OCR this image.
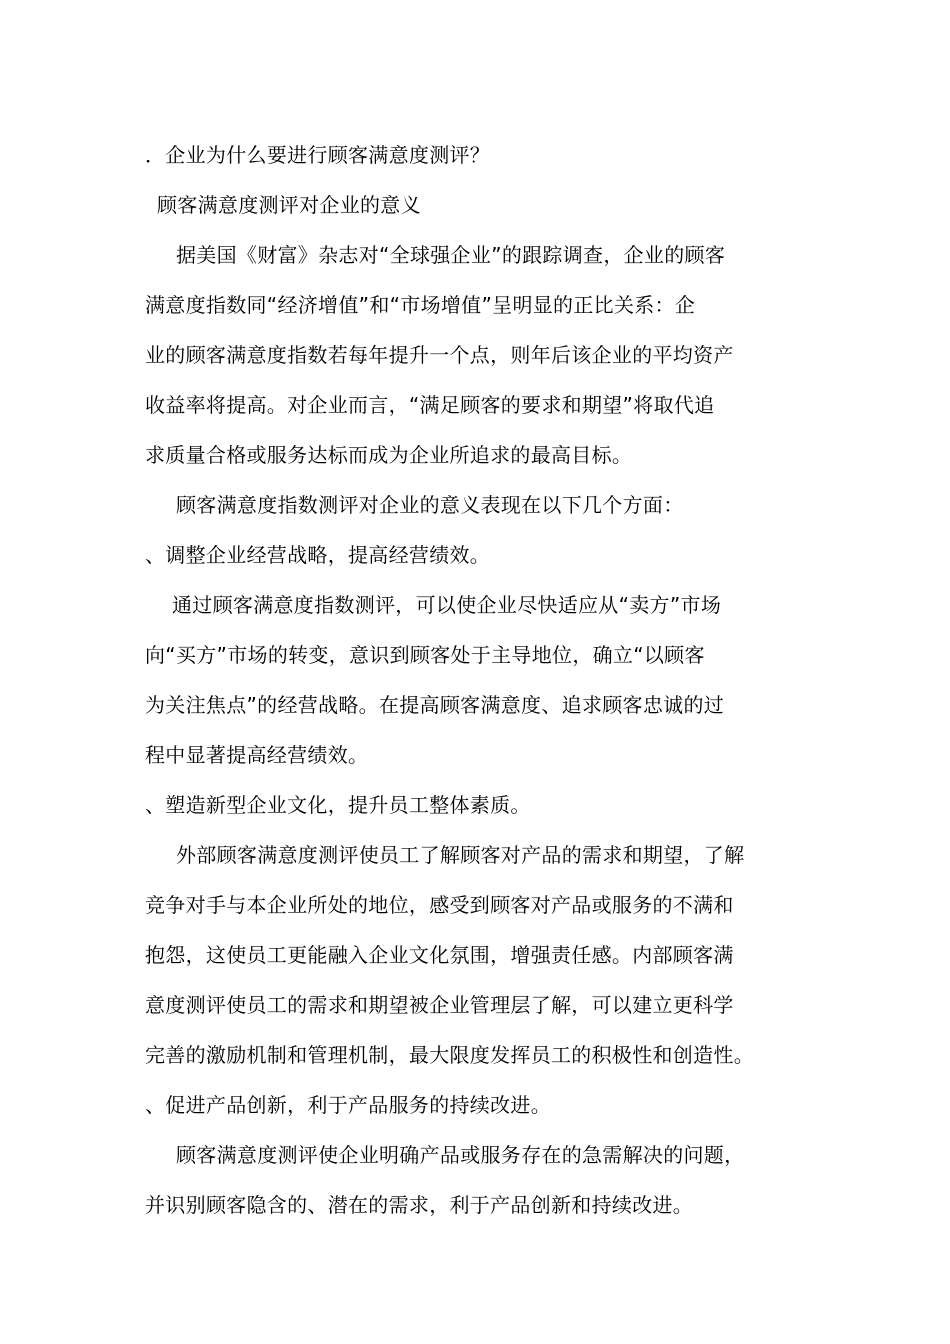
．企业为什么要进行顾客满意度测评？
顾客满意度测评对企业的意义
据美国《财富》杂志对“全球强企业”的跟踪调查，企业的顾客
满意度指数同“经济增值”和“市场增值”呈明显的正比关系：企
业的顾客满意度指数若每年提升一个点，则年后该企业的平均资产
收益率将提高。对企业而言，“满足顾客的要求和期望”将取代追
求质量合格或服务达标而成为企业所追求的最高目标。
顾客满意度指数测评对企业的意义表现在以下几个方面：
、调整企业经营战略，提高经营绩效。
通过顾客满意度指数测评，可以使企业尽快适应从“卖方”市场
向“买方”市场的转变，意识到顾客处于主导地位，确立“以顾客
为关注焦点”的经营战略。在提高顾客满意度、追求顾客忠诚的过
程中显著提高经营绩效。
、塑造新型企业文化，提升员工整体素质。
外部顾客满意度测评使员工了解顾客对产品的需求和期望，了解
竞争对手与本企业所处的地位，感受到顾客对产品或服务的不满和
抱怨，这使员工更能融入企业文化氛围，增强责任感。内部顾客满
意度测评使员工的需求和期望被企业管理层了解，可以建立更科学
完善的激励机制和管理机制，最大限度发挥员工的积极性和创造性。
、促进产品创新，利于产品服务的持续改进。
顾客满意度测评使企业明确产品或服务存在的急需解决的问题，
并识别顾客隐含的、潜在的需求，利于产品创新和持续改进。
